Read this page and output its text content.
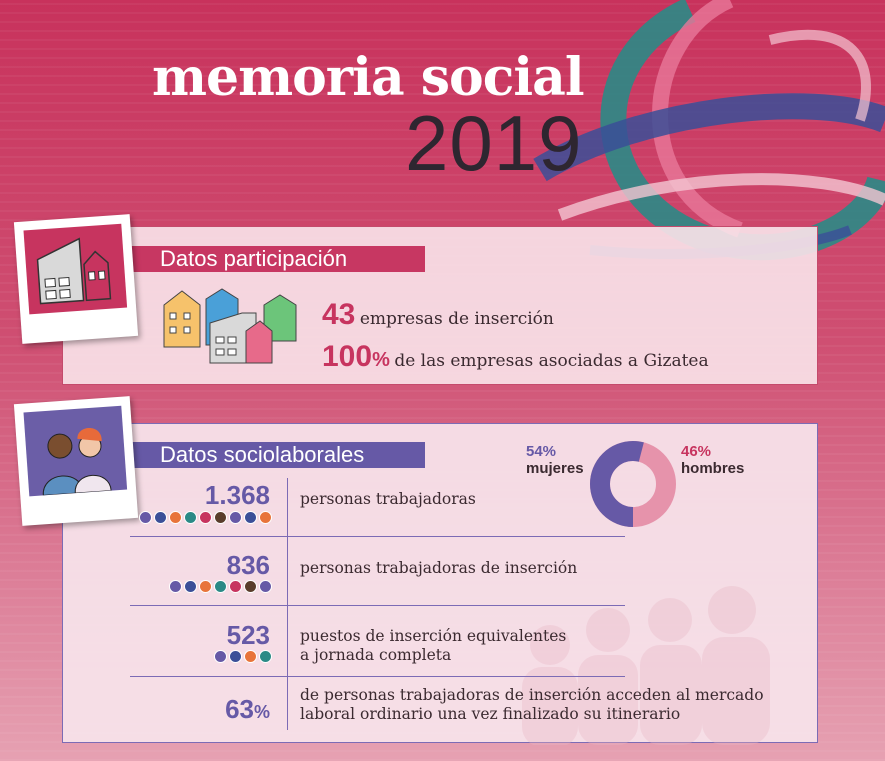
memoria social
2019
Datos participación
43 empresas de inserción
100% de las empresas asociadas a Gizatea
Datos sociolaborales	54%
mujeres
46%
hombres
1.368 personas trabajadoras
836 personas trabajadoras de inserción
523 puestos de inserción equivalentes
a jornada completa
63%
de personas trabajadoras de inserción acceden al mercado
laboral ordinario una vez finalizado su itinerario
